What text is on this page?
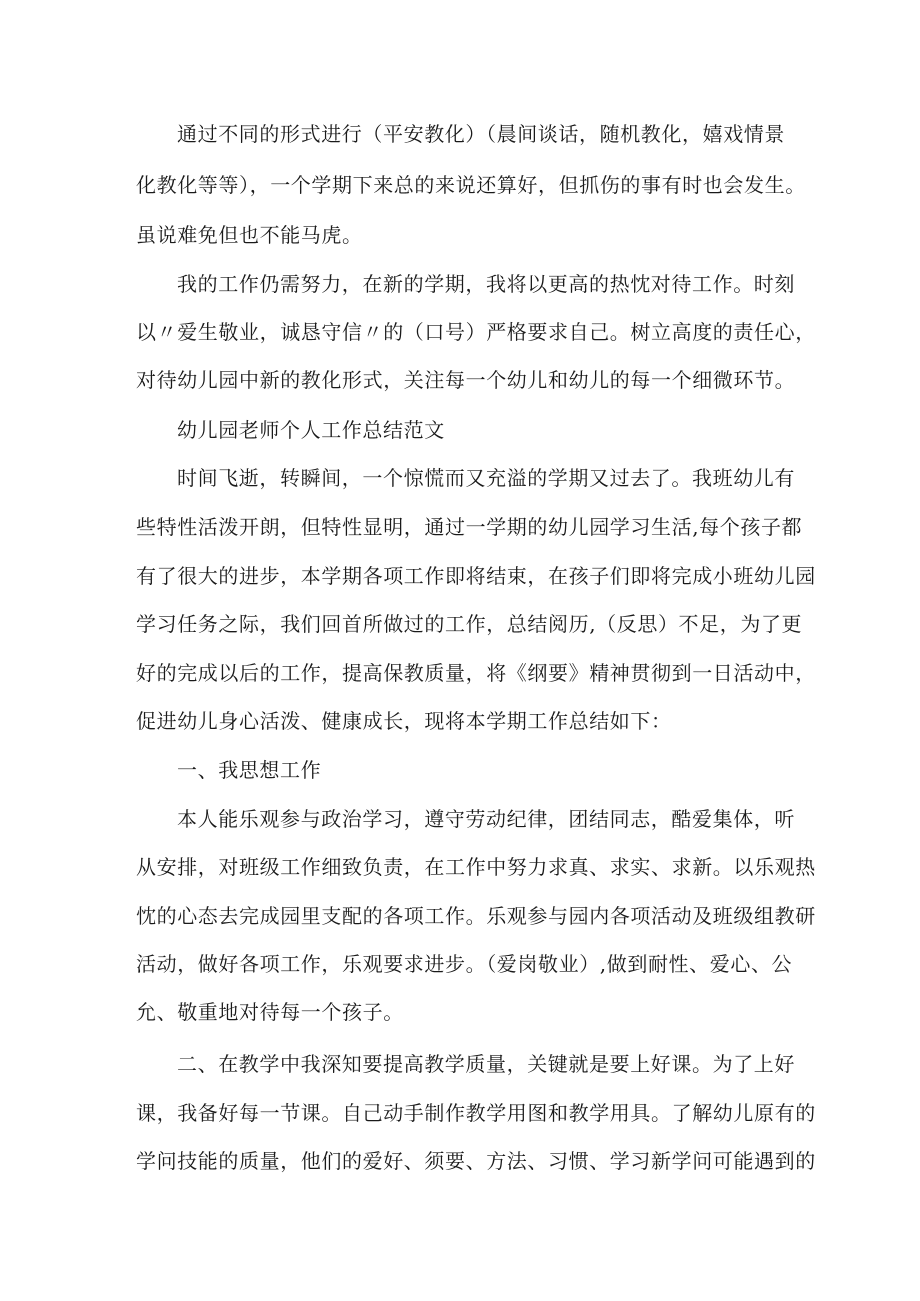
通过不同的形式进行（平安教化）（晨间谈话，随机教化，嬉戏情景
化教化等等），一个学期下来总的来说还算好，但抓伤的事有时也会发生。
虽说难免但也不能马虎。
我的工作仍需努力，在新的学期，我将以更高的热忱对待工作。时刻
以〃爱生敬业，诚恳守信〃的（口号）严格要求自己。树立高度的责任心，
对待幼儿园中新的教化形式，关注每一个幼儿和幼儿的每一个细微环节。
幼儿园老师个人工作总结范文
时间飞逝，转瞬间，一个惊慌而又充溢的学期又过去了。我班幼儿有
些特性活泼开朗，但特性显明，通过一学期的幼儿园学习生活,每个孩子都
有了很大的进步，本学期各项工作即将结束，在孩子们即将完成小班幼儿园
学习任务之际，我们回首所做过的工作，总结阅历,（反思）不足，为了更
好的完成以后的工作，提高保教质量，将《纲要》精神贯彻到一日活动中，
促进幼儿身心活泼、健康成长，现将本学期工作总结如下：
一、我思想工作
本人能乐观参与政治学习，遵守劳动纪律，团结同志，酷爱集体，听
从安排，对班级工作细致负责，在工作中努力求真、求实、求新。以乐观热
忱的心态去完成园里支配的各项工作。乐观参与园内各项活动及班级组教研
活动，做好各项工作，乐观要求进步。（爱岗敬业）,做到耐性、爱心、公
允、敬重地对待每一个孩子。
二、在教学中我深知要提高教学质量，关键就是要上好课。为了上好
课，我备好每一节课。自己动手制作教学用图和教学用具。了解幼儿原有的
学问技能的质量，他们的爱好、须要、方法、习惯、学习新学问可能遇到的
